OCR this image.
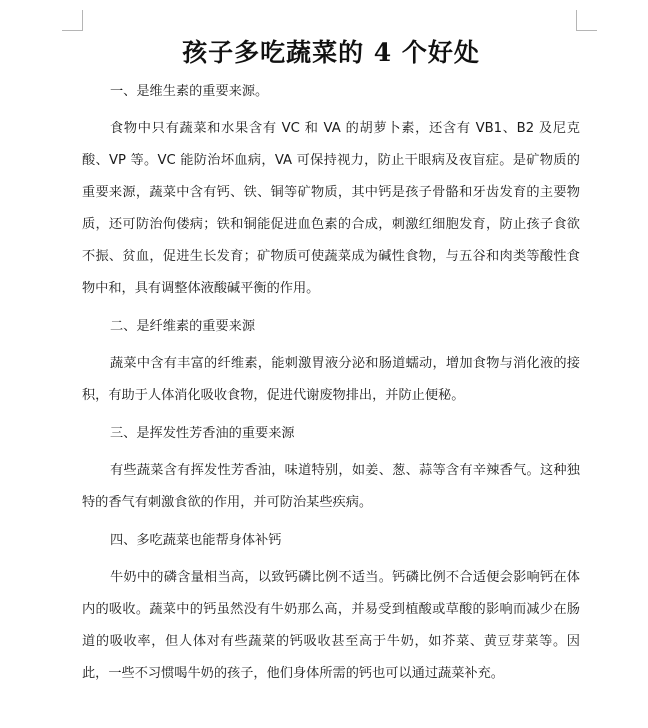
孩子多吃蔬菜的 4 个好处
一、是维生素的重要来源。

食物中只有蔬菜和水果含有 VC 和 VA 的胡萝卜素，还含有 VB1、B2 及尼克酸、VP 等。VC 能防治坏血病，VA 可保持视力，防止干眼病及夜盲症。是矿物质的重要来源，蔬菜中含有钙、铁、铜等矿物质，其中钙是孩子骨骼和牙齿发育的主要物质，还可防治佝偻病；铁和铜能促进血色素的合成，刺激红细胞发育，防止孩子食欲不振、贫血，促进生长发育；矿物质可使蔬菜成为碱性食物，与五谷和肉类等酸性食物中和，具有调整体液酸碱平衡的作用。

二、是纤维素的重要来源

蔬菜中含有丰富的纤维素，能刺激胃液分泌和肠道蠕动，增加食物与消化液的接积，有助于人体消化吸收食物，促进代谢废物排出，并防止便秘。

三、是挥发性芳香油的重要来源

有些蔬菜含有挥发性芳香油，味道特别，如姜、葱、蒜等含有辛辣香气。这种独特的香气有刺激食欲的作用，并可防治某些疾病。

四、多吃蔬菜也能帮身体补钙

牛奶中的磷含量相当高，以致钙磷比例不适当。钙磷比例不合适便会影响钙在体内的吸收。蔬菜中的钙虽然没有牛奶那么高，并易受到植酸或草酸的影响而减少在肠道的吸收率，但人体对有些蔬菜的钙吸收甚至高于牛奶，如芥菜、黄豆芽菜等。因此，一些不习惯喝牛奶的孩子，他们身体所需的钙也可以通过蔬菜补充。
